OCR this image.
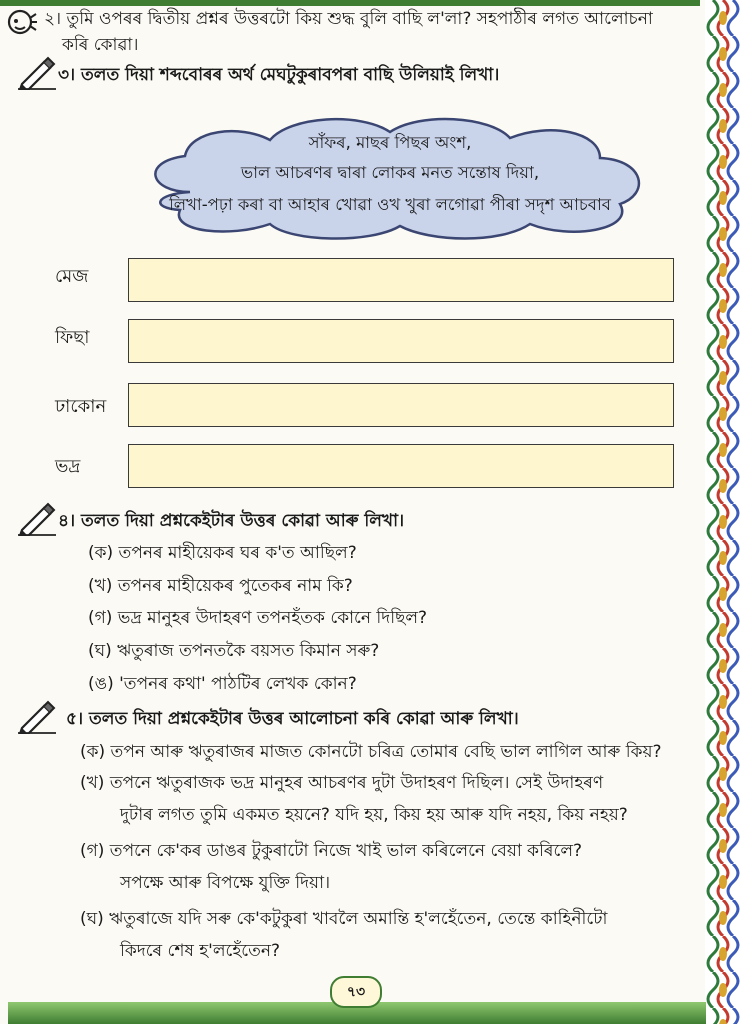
২। তুমি ওপৰৰ দ্বিতীয় প্ৰশ্নৰ উত্তৰটো কিয় শুদ্ধ বুলি বাছি ল'লা? সহপাঠীৰ লগত আলোচনা
কৰি কোৱা।
৩। তলত দিয়া শব্দবোৰৰ অৰ্থ মেঘটুকুৰাবপৰা বাছি উলিয়াই লিখা।
সাঁফৰ, মাছৰ পিছৰ অংশ,
ভাল আচৰণৰ দ্বাৰা লোকৰ মনত সন্তোষ দিয়া,
লিখা-পঢ়া কৰা বা আহাৰ খোৱা ওখ খুৰা লগোৱা পীৰা সদৃশ আচবাব
মেজ
ফিছা
ঢাকোন
ভদ্ৰ
৪। তলত দিয়া প্ৰশ্নকেইটাৰ উত্তৰ কোৱা আৰু লিখা।
(ক) তপনৰ মাহীয়েকৰ ঘৰ ক'ত আছিল?
(খ) তপনৰ মাহীয়েকৰ পুতেকৰ নাম কি?
(গ) ভদ্ৰ মানুহৰ উদাহৰণ তপনহঁতক কোনে দিছিল?
(ঘ) ঋতুৰাজ তপনতকৈ বয়সত কিমান সৰু?
(ঙ) 'তপনৰ কথা' পাঠটিৰ লেখক কোন?
৫। তলত দিয়া প্ৰশ্নকেইটাৰ উত্তৰ আলোচনা কৰি কোৱা আৰু লিখা।
(ক) তপন আৰু ঋতুৰাজৰ মাজত কোনটো চৰিত্ৰ তোমাৰ বেছি ভাল লাগিল আৰু কিয়?
(খ) তপনে ঋতুৰাজক ভদ্ৰ মানুহৰ আচৰণৰ দুটা উদাহৰণ দিছিল। সেই উদাহৰণ
দুটাৰ লগত তুমি একমত হয়নে? যদি হয়, কিয় হয় আৰু যদি নহয়, কিয় নহয়?
(গ) তপনে কে'কৰ ডাঙৰ টুকুৰাটো নিজে খাই ভাল কৰিলেনে বেয়া কৰিলে?
সপক্ষে আৰু বিপক্ষে যুক্তি দিয়া।
(ঘ) ঋতুৰাজে যদি সৰু কে'কটুকুৰা খাবলৈ অমান্তি হ'লহেঁতেন, তেন্তে কাহিনীটো
কিদৰে শেষ হ'লহেঁতেন?
৭৩
